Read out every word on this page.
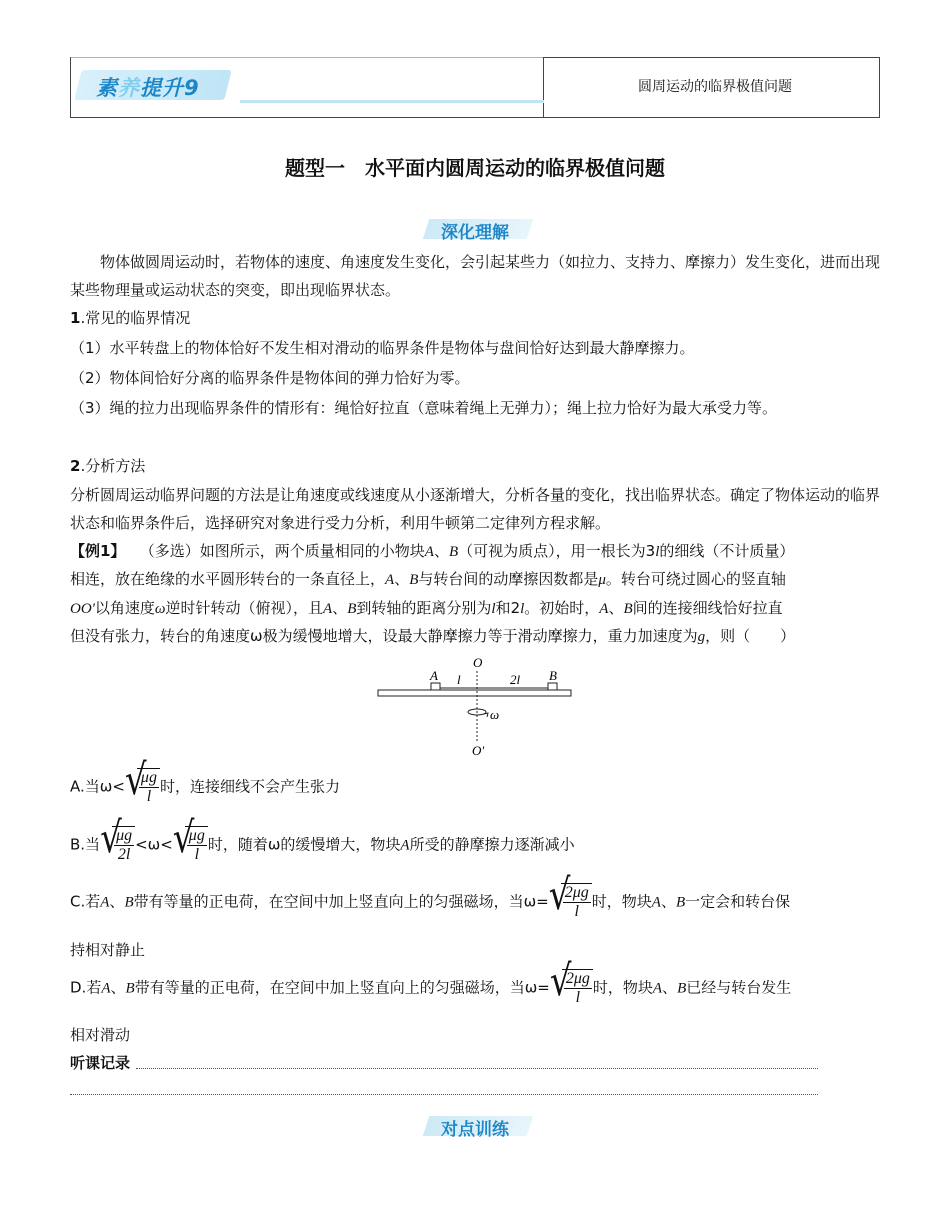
素养提升9	圆周运动的临界极值问题
题型一　水平面内圆周运动的临界极值问题
深化理解
物体做圆周运动时，若物体的速度、角速度发生变化，会引起某些力（如拉力、支持力、摩擦力）发生变化，进而出现某些物理量或运动状态的突变，即出现临界状态。
1.常见的临界情况
（1）水平转盘上的物体恰好不发生相对滑动的临界条件是物体与盘间恰好达到最大静摩擦力。
（2）物体间恰好分离的临界条件是物体间的弹力恰好为零。
（3）绳的拉力出现临界条件的情形有：绳恰好拉直（意味着绳上无弹力）；绳上拉力恰好为最大承受力等。
2.分析方法
分析圆周运动临界问题的方法是让角速度或线速度从小逐渐增大，分析各量的变化，找出临界状态。确定了物体运动的临界状态和临界条件后，选择研究对象进行受力分析，利用牛顿第二定律列方程求解。
【例1】 （多选）如图所示，两个质量相同的小物块A、B（可视为质点），用一根长为3l的细线（不计质量）
相连，放在绝缘的水平圆形转台的一条直径上，A、B与转台间的动摩擦因数都是μ。转台可绕过圆心的竖直轴
OO'以角速度ω逆时针转动（俯视），且A、B到转轴的距离分别为l和2l。初始时，A、B间的连接细线恰好拉直
但没有张力，转台的角速度ω极为缓慢地增大，设最大静摩擦力等于滑动摩擦力，重力加速度为g，则（　　）
O
A l	2l B
ω
O′
A.当ω< √ $\frac{\mu g}{l}$ 时，连接细线不会产生张力
B.当 √ $\frac{\mu g}{2l} <\omega<$ √ $\frac{\mu g}{l}$ 时，随着ω的缓慢增大，物块A所受的静摩擦力逐渐减小
C.若A、B带有等量的正电荷，在空间中加上竖直向上的匀强磁场，当ω= √ $\frac{2\mu g}{l}$ 时，物块A、B一定会和转台保
持相对静止
D.若A、B带有等量的正电荷，在空间中加上竖直向上的匀强磁场，当ω= √ $\frac{2\mu g}{l}$ 时，物块A、B已经与转台发生
相对滑动
听课记录
对点训练
